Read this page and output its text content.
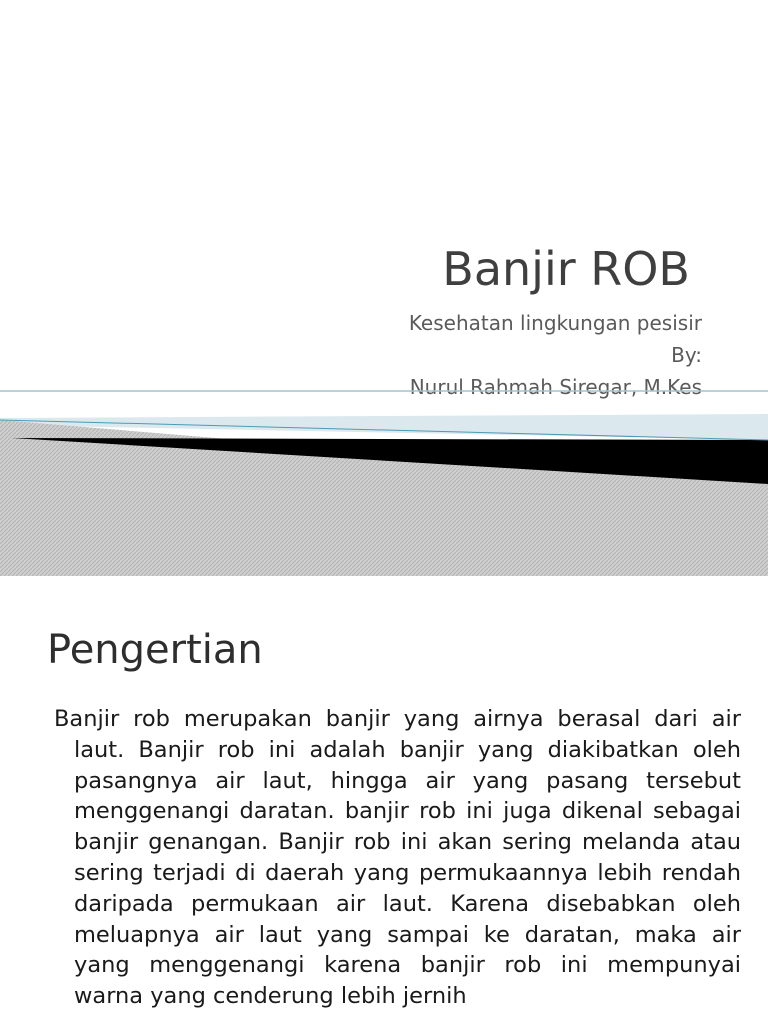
Banjir ROB
Kesehatan lingkungan pesisir
By:
Nurul Rahmah Siregar, M.Kes
Pengertian

Banjir rob merupakan banjir yang airnya berasal dari air laut. Banjir rob ini adalah banjir yang diakibatkan oleh pasangnya air laut, hingga air yang pasang tersebut menggenangi daratan. banjir rob ini juga dikenal sebagai banjir genangan. Banjir rob ini akan sering melanda atau sering terjadi di daerah yang permukaannya lebih rendah daripada permukaan air laut. Karena disebabkan oleh meluapnya air laut yang sampai ke daratan, maka air yang menggenangi karena banjir rob ini mempunyai warna yang cenderung lebih jernih
